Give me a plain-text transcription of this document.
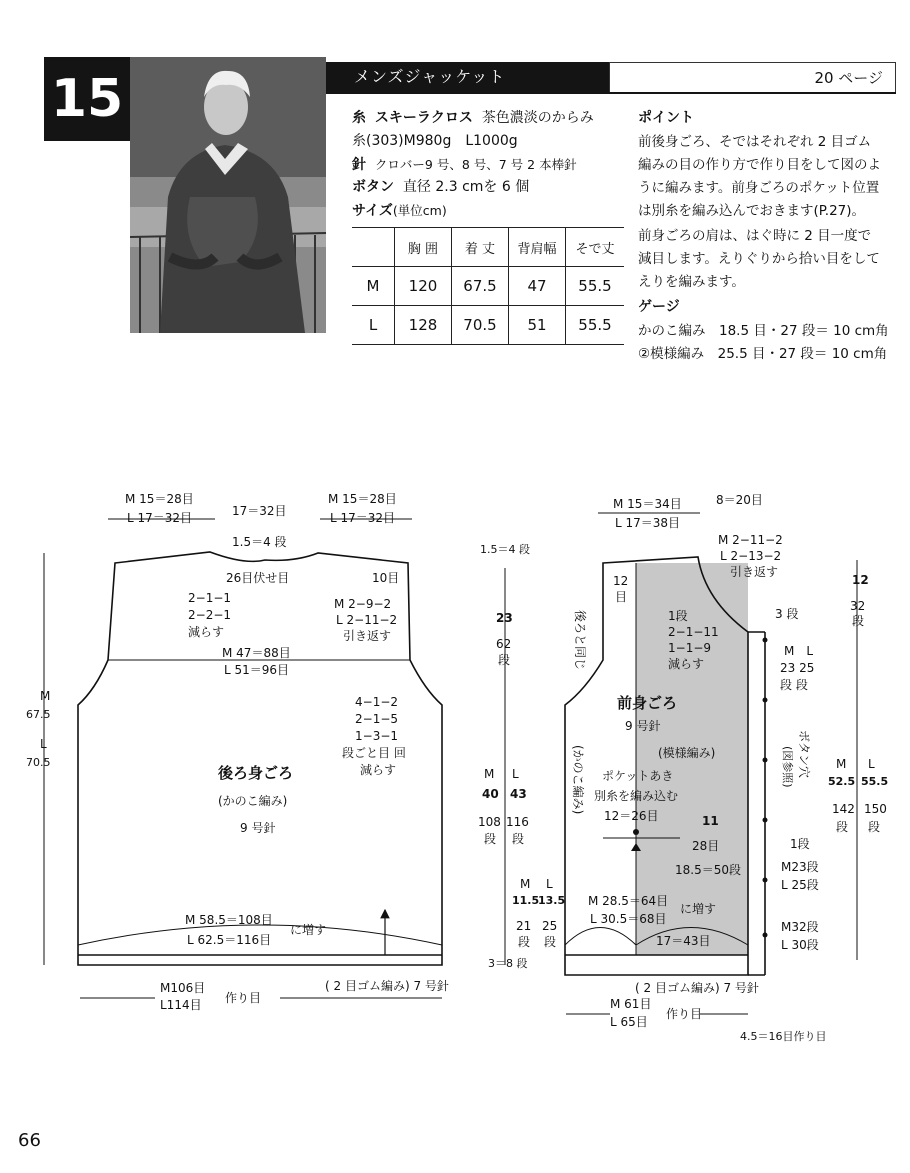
15	メンズジャッケット	20 ページ
糸 スキーラクロス 茶色濃淡のからみ
糸(303)M980g　L1000g
針 クロバー9 号、8 号、7 号 2 本棒針
ボタン 直径 2.3 cmを 6 個
サイズ(単位cm)
	胸 囲	着 丈	背肩幅	そで丈
M	120	67.5	47	55.5
L	128	70.5	51	55.5
ポイント
前後身ごろ、そではそれぞれ 2 目ゴム
編みの目の作り方で作り目をして図のよ
うに編みます。前身ごろのポケット位置
は別糸を編み込んでおきます(P.27)。
前身ごろの肩は、はぐ時に 2 目一度で
減目します。えりぐりから拾い目をして
えりを編みます。
ゲージ
かのこ編み　18.5 目・27 段＝ 10 cm角
②模様編み　25.5 目・27 段＝ 10 cm角
M 15＝28目
L 17＝32目	17＝32目
M 15＝28目
L 17＝32目
1.5＝4 段
26目伏せ目	10目
2−1−1
2−2−1
減らす
M 2−9−2
L 2−11−2
引き返す
M 47＝88目
L 51＝96目
4−1−2
2−1−5
1−3−1
段ごと目 回
減らす
M
67.5
L
70.5
後ろ身ごろ
(かのこ編み)
9 号針
M 58.5＝108目
L 62.5＝116目
に増す
M106目
L114目 作り目
( 2 目ゴム編み) 7 号針
M 15＝34目
L 17＝38目
8＝20目
M 2−11−2
L 2−13−2
引き返す
12
目
12
32
段
3 段
1段
2−1−11
1−1−9
減らす
M　L
23 25
段 段
1.5＝4 段
23
62
段	後ろと同じ
前身ごろ
9 号針
(模様編み)
(かのこ編み) ポケットあき
別糸を編み込む
12＝26目	11
28目
18.5＝50段
M L
40 43
108 116
段 段
M L
11.5
13.5
21 25
段 段
M 28.5＝64目
L 30.5＝68目
に増す
17＝43目
3＝8 段
ボタン穴
(図参照)
1段
M23段
L 25段
M32段
L 30段
M L
52.5 55.5
142 150
段 段
( 2 目ゴム編み) 7 号針
M 61目
L 65目
作り目
4.5＝16目作り目
66
